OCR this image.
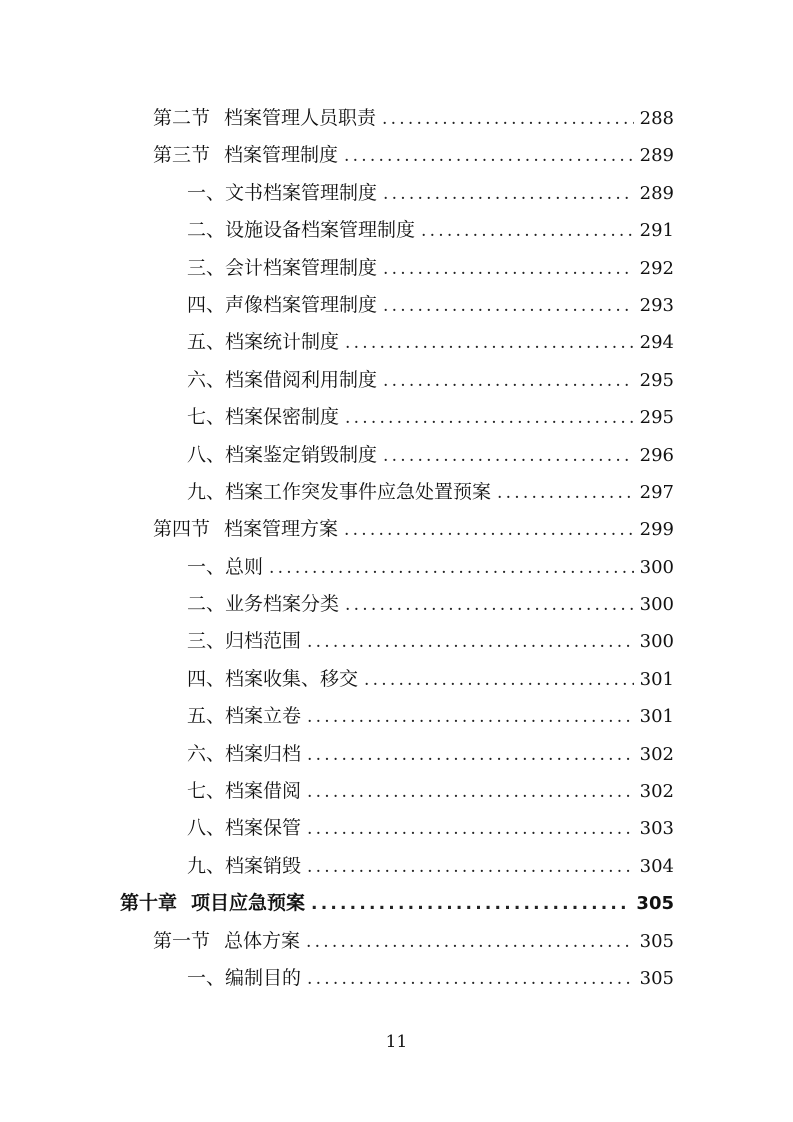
第二节 档案管理人员职责 .....	288
第三节 档案管理制度 .....	289
一、 文书档案管理制度 .....	289
二、 设施设备档案管理制度 .....	291
三、 会计档案管理制度 .....	292
四、 声像档案管理制度 .....	293
五、 档案统计制度 .....	294
六、 档案借阅利用制度 .....	295
七、 档案保密制度 .....	295
八、 档案鉴定销毁制度 .....	296
九、 档案工作突发事件应急处置预案 .....	297
第四节 档案管理方案 .....	299
一、 总则 .....	300
二、 业务档案分类 .....	300
三、 归档范围 .....	300
四、 档案收集、移交 .....	301
五、 档案立卷 .....	301
六、 档案归档 .....	302
七、 档案借阅 .....	302
八、 档案保管 .....	303
九、 档案销毁 .....	304
第十章 项目应急预案 .....	305
第一节 总体方案 .....	305
一、 编制目的 .....	305
11
